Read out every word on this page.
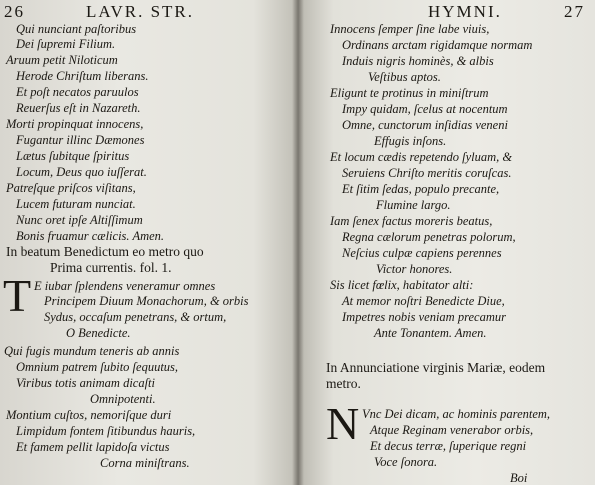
26	LAVR. STR.
Qui nunciant paſtoribus
Dei ſupremi Filium.
Aruum petit Niloticum
Herode Chriſtum liberans.
Et poſt necatos paruulos
Reuerſus eſt in Nazareth.
Morti propinquat innocens,
Fugantur illinc Dæmones
Lætus ſubitque ſpiritus
Locum, Deus quo iuſſerat.
Patreſque priſcos viſitans,
Lucem futuram nunciat.
Nunc oret ipſe Altiſſimum
Bonis fruamur cælicis. Amen.
In beatum Benedictum eo metro quo
Prima currentis. fol. 1.
T E iubar ſplendens veneramur omnes
Principem Diuum Monachorum, & orbis
Sydus, occaſum penetrans, & ortum,
O Benedicte.
Qui fugis mundum teneris ab annis
Omnium patrem ſubito ſequutus,
Viribus totis animam dicaſti
Omnipotenti.
Montium cuſtos, nemoriſque duri
Limpidum fontem ſitibundus hauris,
Et famem pellit lapidoſa victus
Corna miniſtrans.
HYMNI.	27
Innocens ſemper ſine labe viuis,
Ordinans arctam rigidamque normam
Induis nigris hominès, & albis
Veſtibus aptos.
Eligunt te protinus in miniſtrum
Impy quidam, ſcelus at nocentum
Omne, cunctorum inſidias veneni
Effugis inſons.
Et locum cædis repetendo ſyluam, &
Seruiens Chriſto meritis coruſcas.
Et ſitim ſedas, populo precante,
Flumine largo.
Iam ſenex factus moreris beatus,
Regna cælorum penetras polorum,
Neſcius culpæ capiens perennes
Victor honores.
Sis licet fœlix, habitator alti:
At memor noſtri Benedicte Diue,
Impetres nobis veniam precamur
Ante Tonantem. Amen.
In Annunciatione virginis Mariæ, eodem
metro.
N Vnc Dei dicam, ac hominis parentem,
Atque Reginam venerabor orbis,
Et decus terræ, ſuperique regni
Voce ſonora.
Boi
